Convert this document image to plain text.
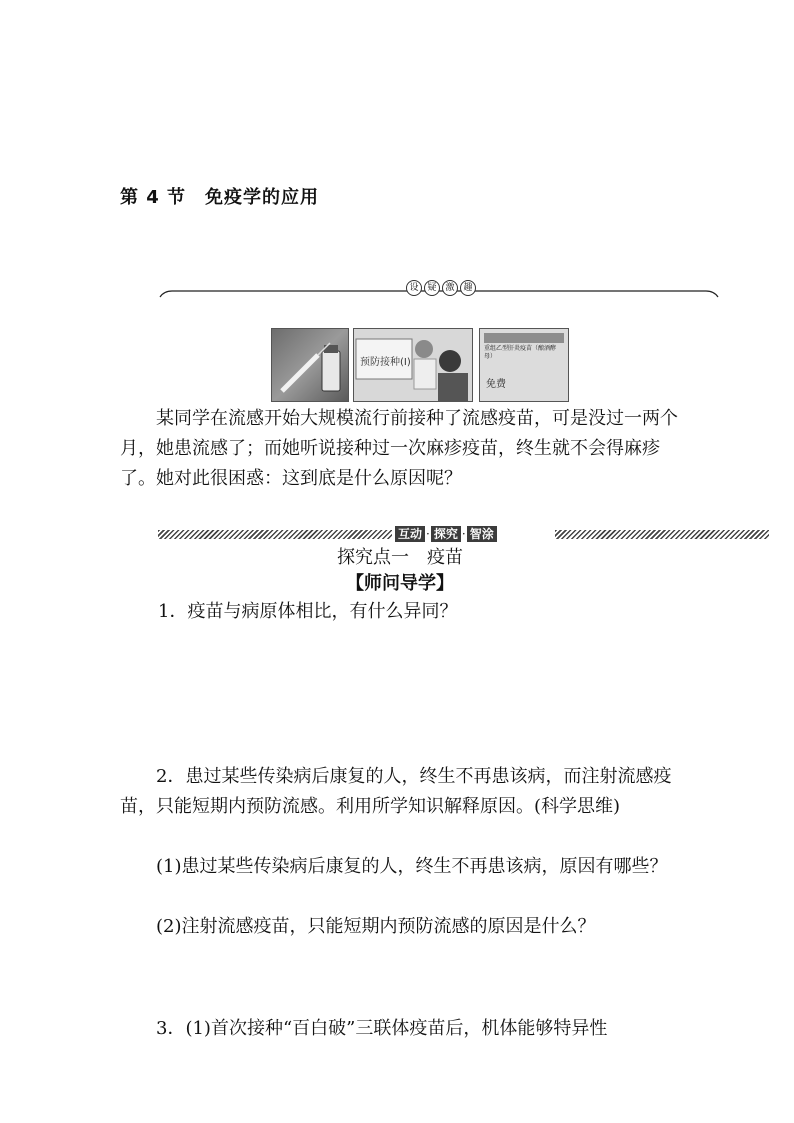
第 4 节　免疫学的应用
设 疑 激 趣
预防接种(I)
重组乙型肝炎疫苗（酿酒酵母）
免费
某同学在流感开始大规模流行前接种了流感疫苗，可是没过一两个月，她患流感了；而她听说接种过一次麻疹疫苗，终生就不会得麻疹了。她对此很困惑：这到底是什么原因呢？
互动 · 探究 · 智涂
探究点一　疫苗
【师问导学】
1．疫苗与病原体相比，有什么异同？
2．患过某些传染病后康复的人，终生不再患该病，而注射流感疫苗，只能短期内预防流感。利用所学知识解释原因。(科学思维)
(1)患过某些传染病后康复的人，终生不再患该病，原因有哪些？
(2)注射流感疫苗，只能短期内预防流感的原因是什么？
3．(1)首次接种“百白破”三联体疫苗后，机体能够特异性
